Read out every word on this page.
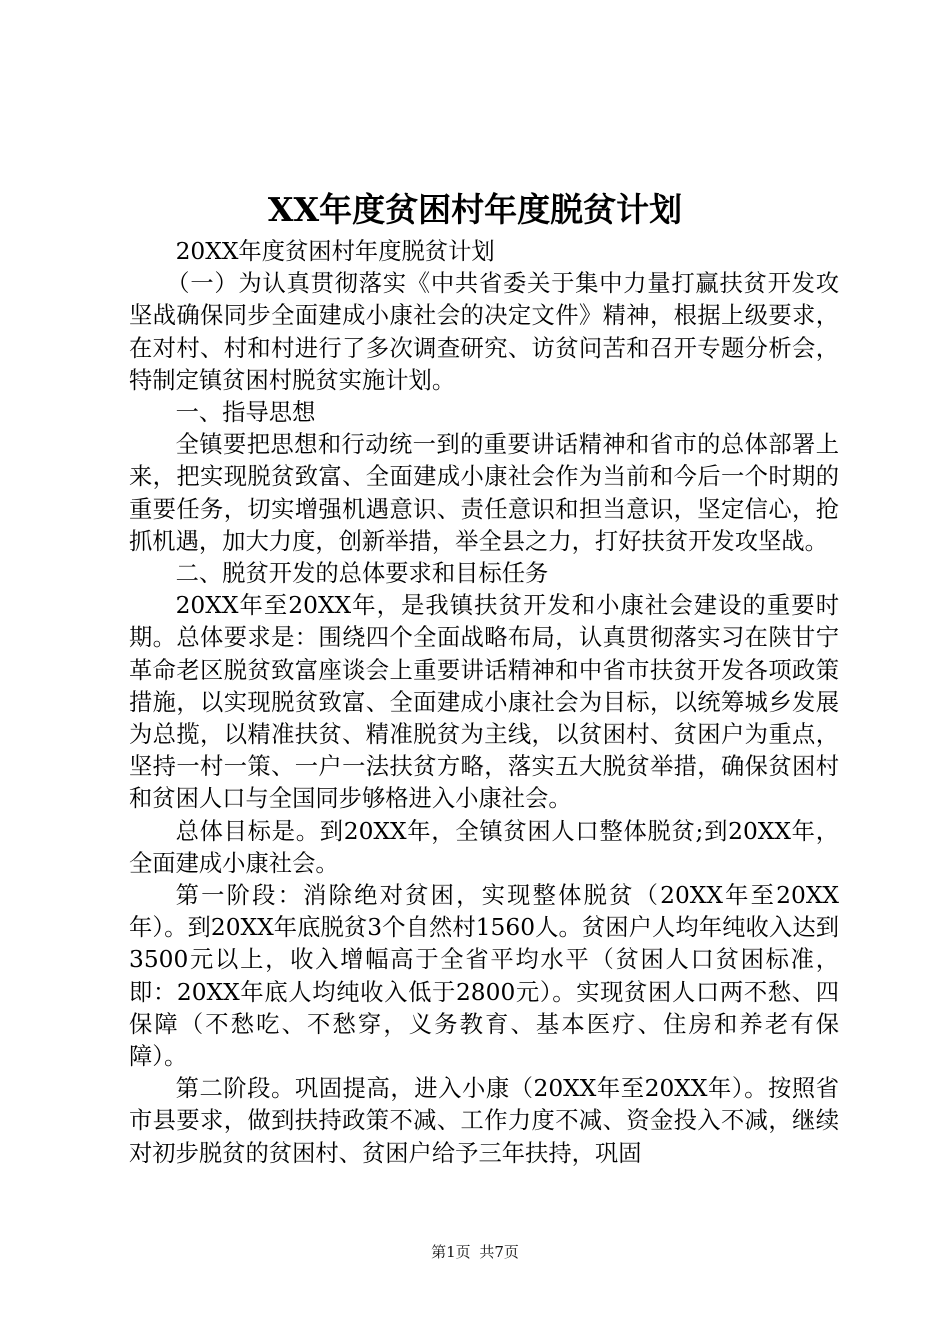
XX年度贫困村年度脱贫计划

20XX年度贫困村年度脱贫计划

（一）为认真贯彻落实《中共省委关于集中力量打赢扶贫开发攻坚战确保同步全面建成小康社会的决定文件》精神，根据上级要求，在对村、村和村进行了多次调查研究、访贫问苦和召开专题分析会，特制定镇贫困村脱贫实施计划。

一、指导思想

全镇要把思想和行动统一到的重要讲话精神和省市的总体部署上来，把实现脱贫致富、全面建成小康社会作为当前和今后一个时期的重要任务，切实增强机遇意识、责任意识和担当意识，坚定信心，抢抓机遇，加大力度，创新举措，举全县之力，打好扶贫开发攻坚战。

二、脱贫开发的总体要求和目标任务

20XX年至20XX年，是我镇扶贫开发和小康社会建设的重要时期。总体要求是：围绕四个全面战略布局，认真贯彻落实习在陕甘宁革命老区脱贫致富座谈会上重要讲话精神和中省市扶贫开发各项政策措施，以实现脱贫致富、全面建成小康社会为目标，以统筹城乡发展为总揽，以精准扶贫、精准脱贫为主线，以贫困村、贫困户为重点，坚持一村一策、一户一法扶贫方略，落实五大脱贫举措，确保贫困村和贫困人口与全国同步够格进入小康社会。

总体目标是。到20XX年，全镇贫困人口整体脱贫;到20XX年，全面建成小康社会。

第一阶段：消除绝对贫困，实现整体脱贫（20XX年至20XX年）。到20XX年底脱贫3个自然村1560人。贫困户人均年纯收入达到3500元以上，收入增幅高于全省平均水平（贫困人口贫困标准，即：20XX年底人均纯收入低于2800元）。实现贫困人口两不愁、四保障（不愁吃、不愁穿，义务教育、基本医疗、住房和养老有保障）。

第二阶段。巩固提高，进入小康（20XX年至20XX年）。按照省市县要求，做到扶持政策不减、工作力度不减、资金投入不减，继续对初步脱贫的贫困村、贫困户给予三年扶持，巩固

第1页 共7页
